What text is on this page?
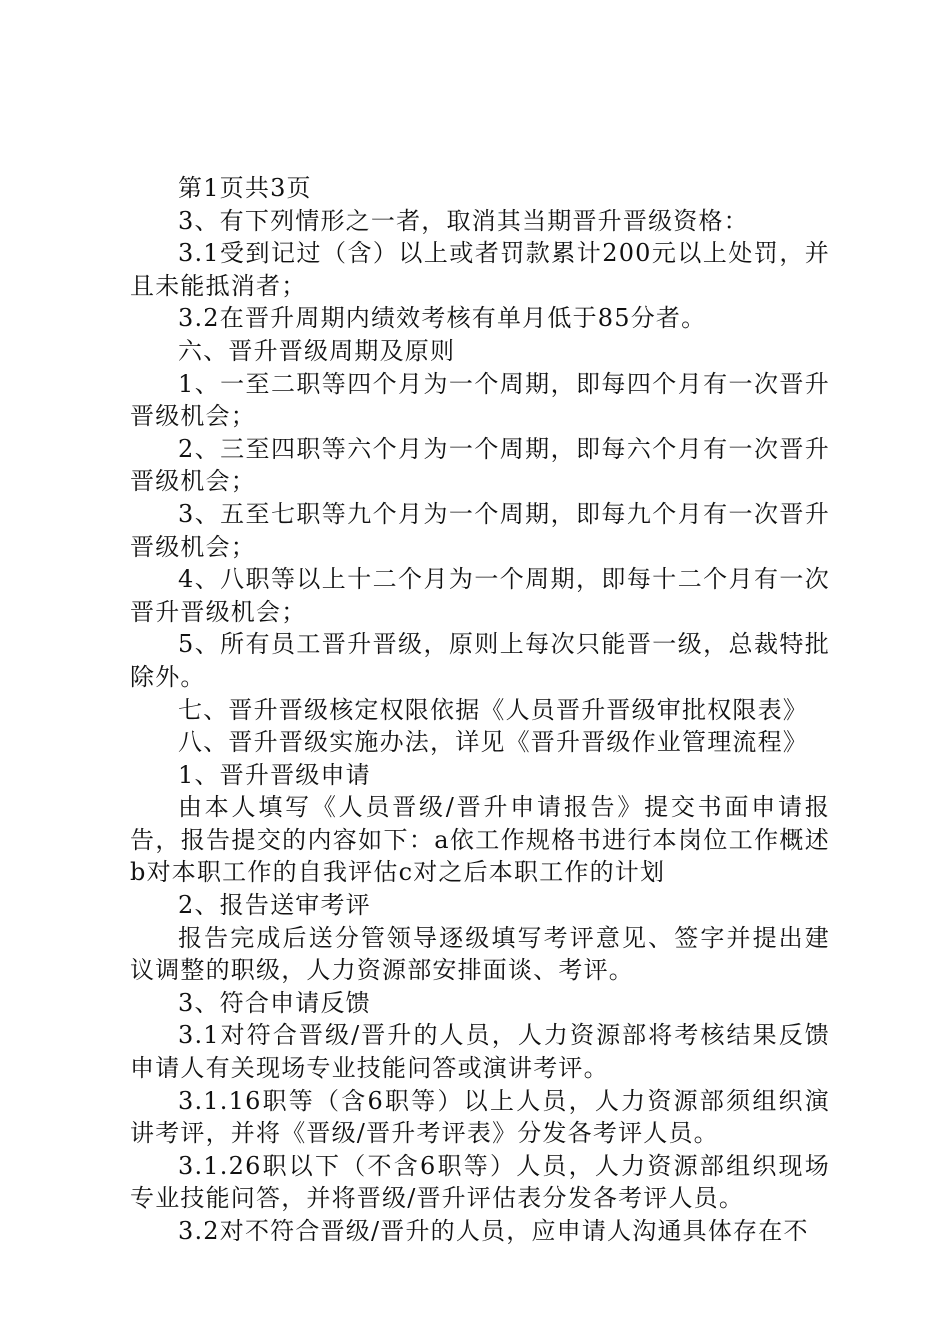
第1页共3页

3、有下列情形之一者，取消其当期晋升晋级资格：

3.1受到记过（含）以上或者罚款累计200元以上处罚，并且未能抵消者；

3.2在晋升周期内绩效考核有单月低于85分者。

六、晋升晋级周期及原则

1、一至二职等四个月为一个周期，即每四个月有一次晋升晋级机会；

2、三至四职等六个月为一个周期，即每六个月有一次晋升晋级机会；

3、五至七职等九个月为一个周期，即每九个月有一次晋升晋级机会；

4、八职等以上十二个月为一个周期，即每十二个月有一次晋升晋级机会；

5、所有员工晋升晋级，原则上每次只能晋一级，总裁特批除外。

七、晋升晋级核定权限依据《人员晋升晋级审批权限表》

八、晋升晋级实施办法，详见《晋升晋级作业管理流程》

1、晋升晋级申请

由本人填写《人员晋级/晋升申请报告》提交书面申请报告，报告提交的内容如下：a依工作规格书进行本岗位工作概述b对本职工作的自我评估c对之后本职工作的计划

2、报告送审考评

报告完成后送分管领导逐级填写考评意见、签字并提出建议调整的职级，人力资源部安排面谈、考评。

3、符合申请反馈

3.1对符合晋级/晋升的人员，人力资源部将考核结果反馈申请人有关现场专业技能问答或演讲考评。

3.1.16职等（含6职等）以上人员，人力资源部须组织演讲考评，并将《晋级/晋升考评表》分发各考评人员。

3.1.26职以下（不含6职等）人员，人力资源部组织现场专业技能问答，并将晋级/晋升评估表分发各考评人员。

3.2对不符合晋级/晋升的人员，应申请人沟通具体存在不
